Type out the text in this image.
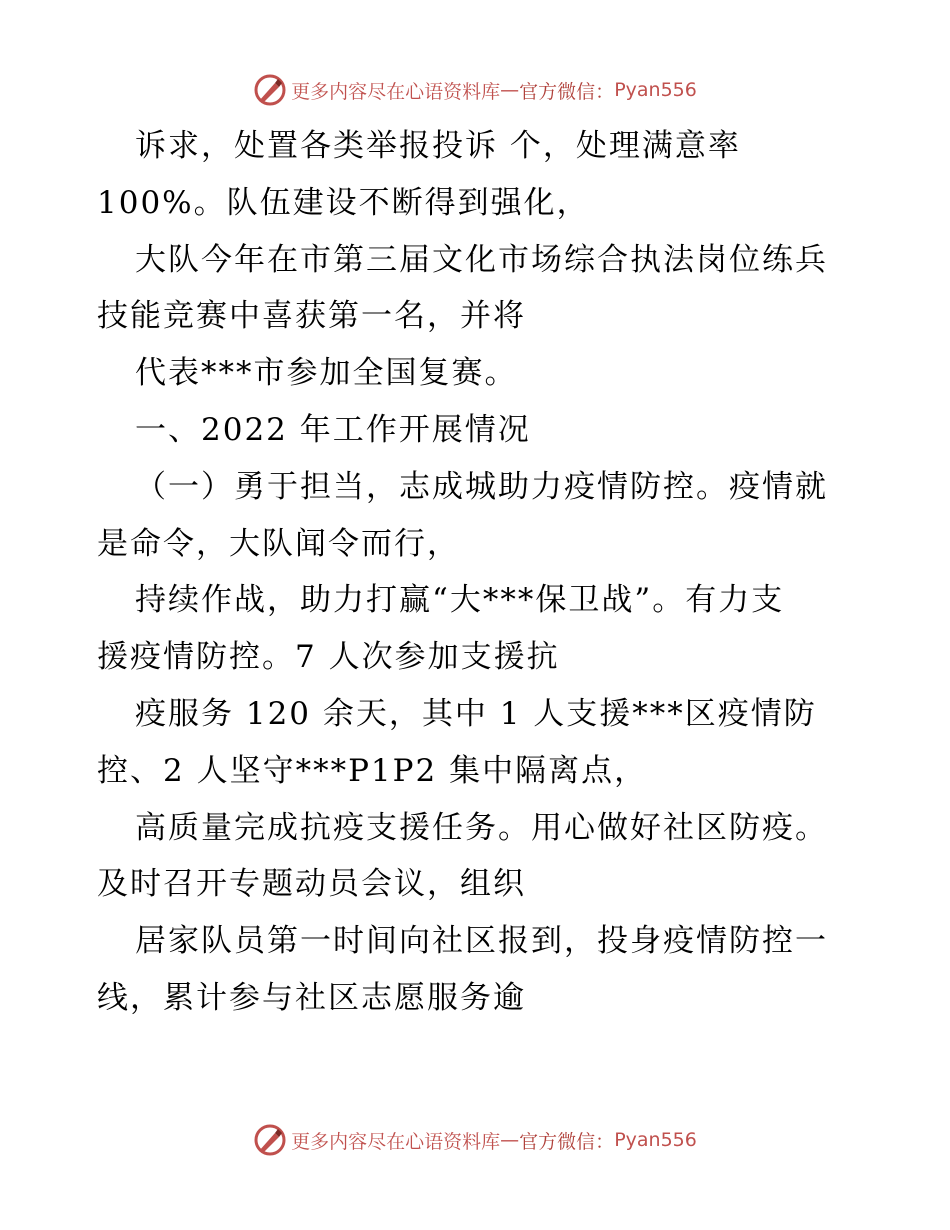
更多内容尽在心语资料库 — 官方微信： Pyan556
诉求，处置各类举报投诉 个，处理满意率
100%。队伍建设不断得到强化，
大队今年在市第三届文化市场综合执法岗位练兵
技能竞赛中喜获第一名，并将
代表***市参加全国复赛。
一、2022 年工作开展情况
（一）勇于担当，志成城助力疫情防控。疫情就
是命令，大队闻令而行，
持续作战，助力打赢“大***保卫战”。有力支
援疫情防控。7 人次参加支援抗
疫服务 120 余天，其中 1 人支援***区疫情防
控、2 人坚守***P1P2 集中隔离点，
高质量完成抗疫支援任务。用心做好社区防疫。
及时召开专题动员会议，组织
居家队员第一时间向社区报到，投身疫情防控一
线，累计参与社区志愿服务逾
更多内容尽在心语资料库 — 官方微信： Pyan556
